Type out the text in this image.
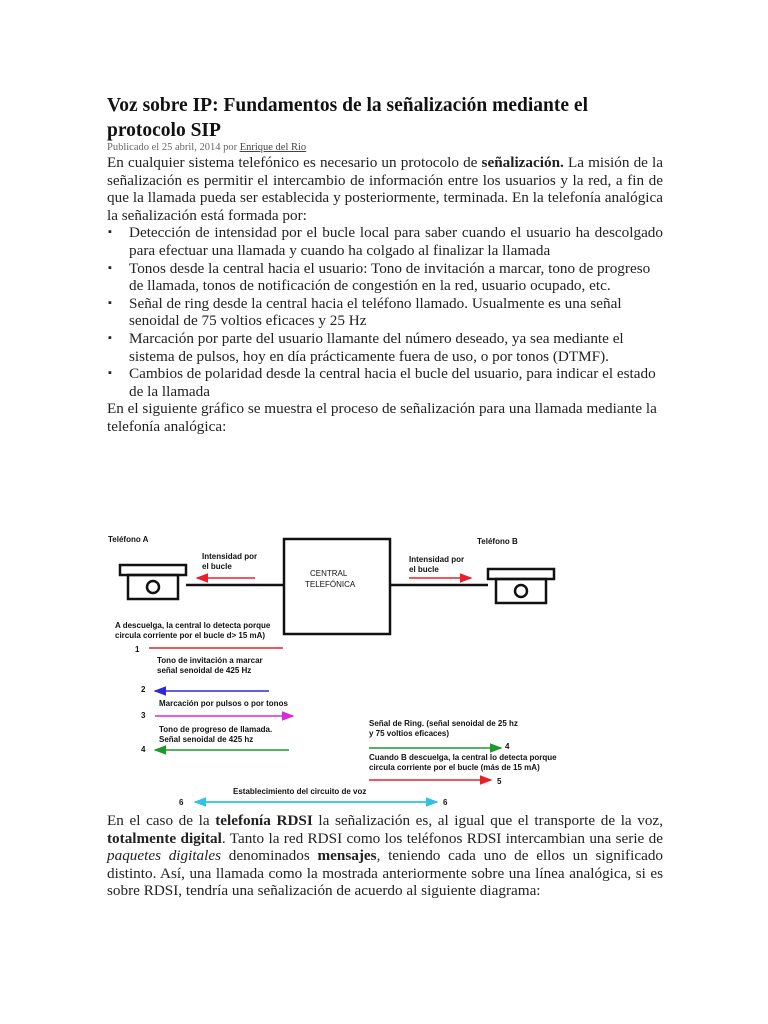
Voz sobre IP: Fundamentos de la señalización mediante el protocolo SIP
Publicado el 25 abril, 2014 por Enrique del Rio

En cualquier sistema telefónico es necesario un protocolo de señalización. La misión de la señalización es permitir el intercambio de información entre los usuarios y la red, a fin de que la llamada pueda ser establecida y posteriormente, terminada. En la telefonía analógica la señalización está formada por:

▪ Detección de intensidad por el bucle local para saber cuando el usuario ha descolgado para efectuar una llamada y cuando ha colgado al finalizar la llamada
▪ Tonos desde la central hacia el usuario: Tono de invitación a marcar, tono de progreso de llamada, tonos de notificación de congestión en la red, usuario ocupado, etc.
▪ Señal de ring desde la central hacia el teléfono llamado. Usualmente es una señal senoidal de 75 voltios eficaces y 25 Hz
▪ Marcación por parte del usuario llamante del número deseado, ya sea mediante el sistema de pulsos, hoy en día prácticamente fuera de uso, o por tonos (DTMF).
▪ Cambios de polaridad desde la central hacia el bucle del usuario, para indicar el estado de la llamada

En el siguiente gráfico se muestra el proceso de señalización para una llamada mediante la telefonía analógica:

Teléfono A
Intensidad por
el bucle
CENTRAL
TELEFÓNICA
Intensidad por
el bucle
Teléfono B
A descuelga, la central lo detecta porque
circula corriente por el bucle d> 15 mA)
1
Tono de invitación a marcar
señal senoidal de 425 Hz
2
Marcación por pulsos o por tonos
3
Tono de progreso de llamada.
Señal senoidal de 425 hz
4
Señal de Ring. (señal senoidal de 25 hz
y 75 voltios eficaces)
4
Cuando B descuelga, la central lo detecta porque
circula corriente por el bucle (más de 15 mA)
5
Establecimiento del circuito de voz
6	6

En el caso de la telefonía RDSI la señalización es, al igual que el transporte de la voz, totalmente digital. Tanto la red RDSI como los teléfonos RDSI intercambian una serie de paquetes digitales denominados mensajes, teniendo cada uno de ellos un significado distinto. Así, una llamada como la mostrada anteriormente sobre una línea analógica, si es sobre RDSI, tendría una señalización de acuerdo al siguiente diagrama:
